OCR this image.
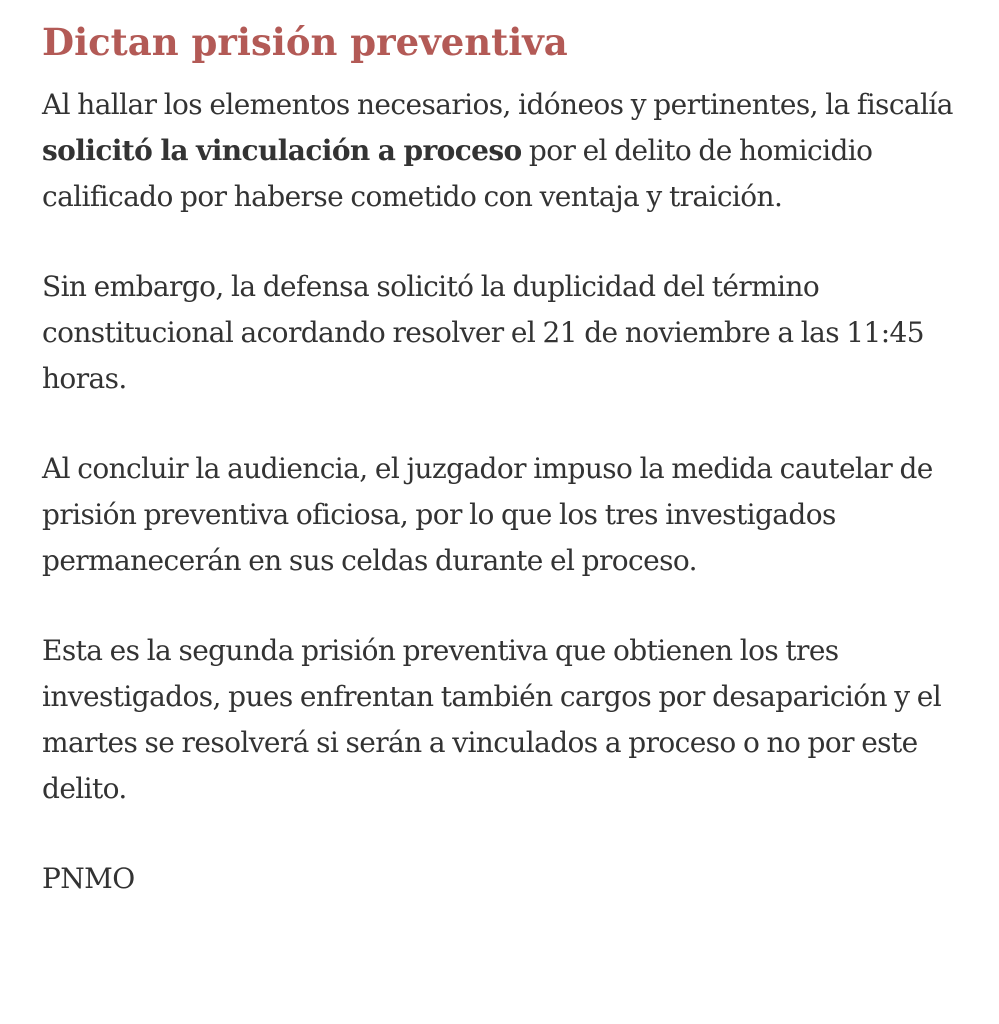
Dictan prisión preventiva

Al hallar los elementos necesarios, idóneos y pertinentes, la fiscalía solicitó la vinculación a proceso por el delito de homicidio calificado por haberse cometido con ventaja y traición.

Sin embargo, la defensa solicitó la duplicidad del término constitucional acordando resolver el 21 de noviembre a las 11:45 horas.

Al concluir la audiencia, el juzgador impuso la medida cautelar de prisión preventiva oficiosa, por lo que los tres investigados permanecerán en sus celdas durante el proceso.

Esta es la segunda prisión preventiva que obtienen los tres investigados, pues enfrentan también cargos por desaparición y el martes se resolverá si serán a vinculados a proceso o no por este delito.

PNMO
